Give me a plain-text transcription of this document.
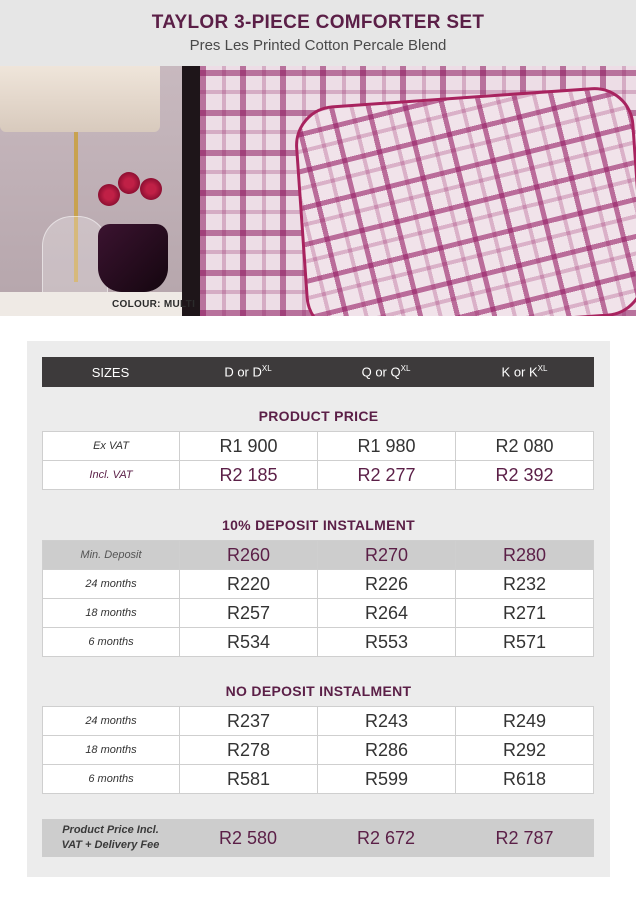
TAYLOR 3-PIECE COMFORTER SET
Pres Les Printed Cotton Percale Blend
COLOUR: MULTI
SIZES	D or $D^{XL}$	Q or $Q^{XL}$	K or $K^{XL}$
PRODUCT PRICE
Ex VAT	R1 900	R1 980	R2 080
Incl. VAT	R2 185	R2 277	R2 392
10% DEPOSIT INSTALMENT
Min. Deposit	R260	R270	R280
24 months	R220	R226	R232
18 months	R257	R264	R271
6 months	R534	R553	R571
NO DEPOSIT INSTALMENT
24 months	R237	R243	R249
18 months	R278	R286	R292
6 months	R581	R599	R618
Product Price Incl.
VAT + Delivery Fee	R2 580	R2 672	R2 787
